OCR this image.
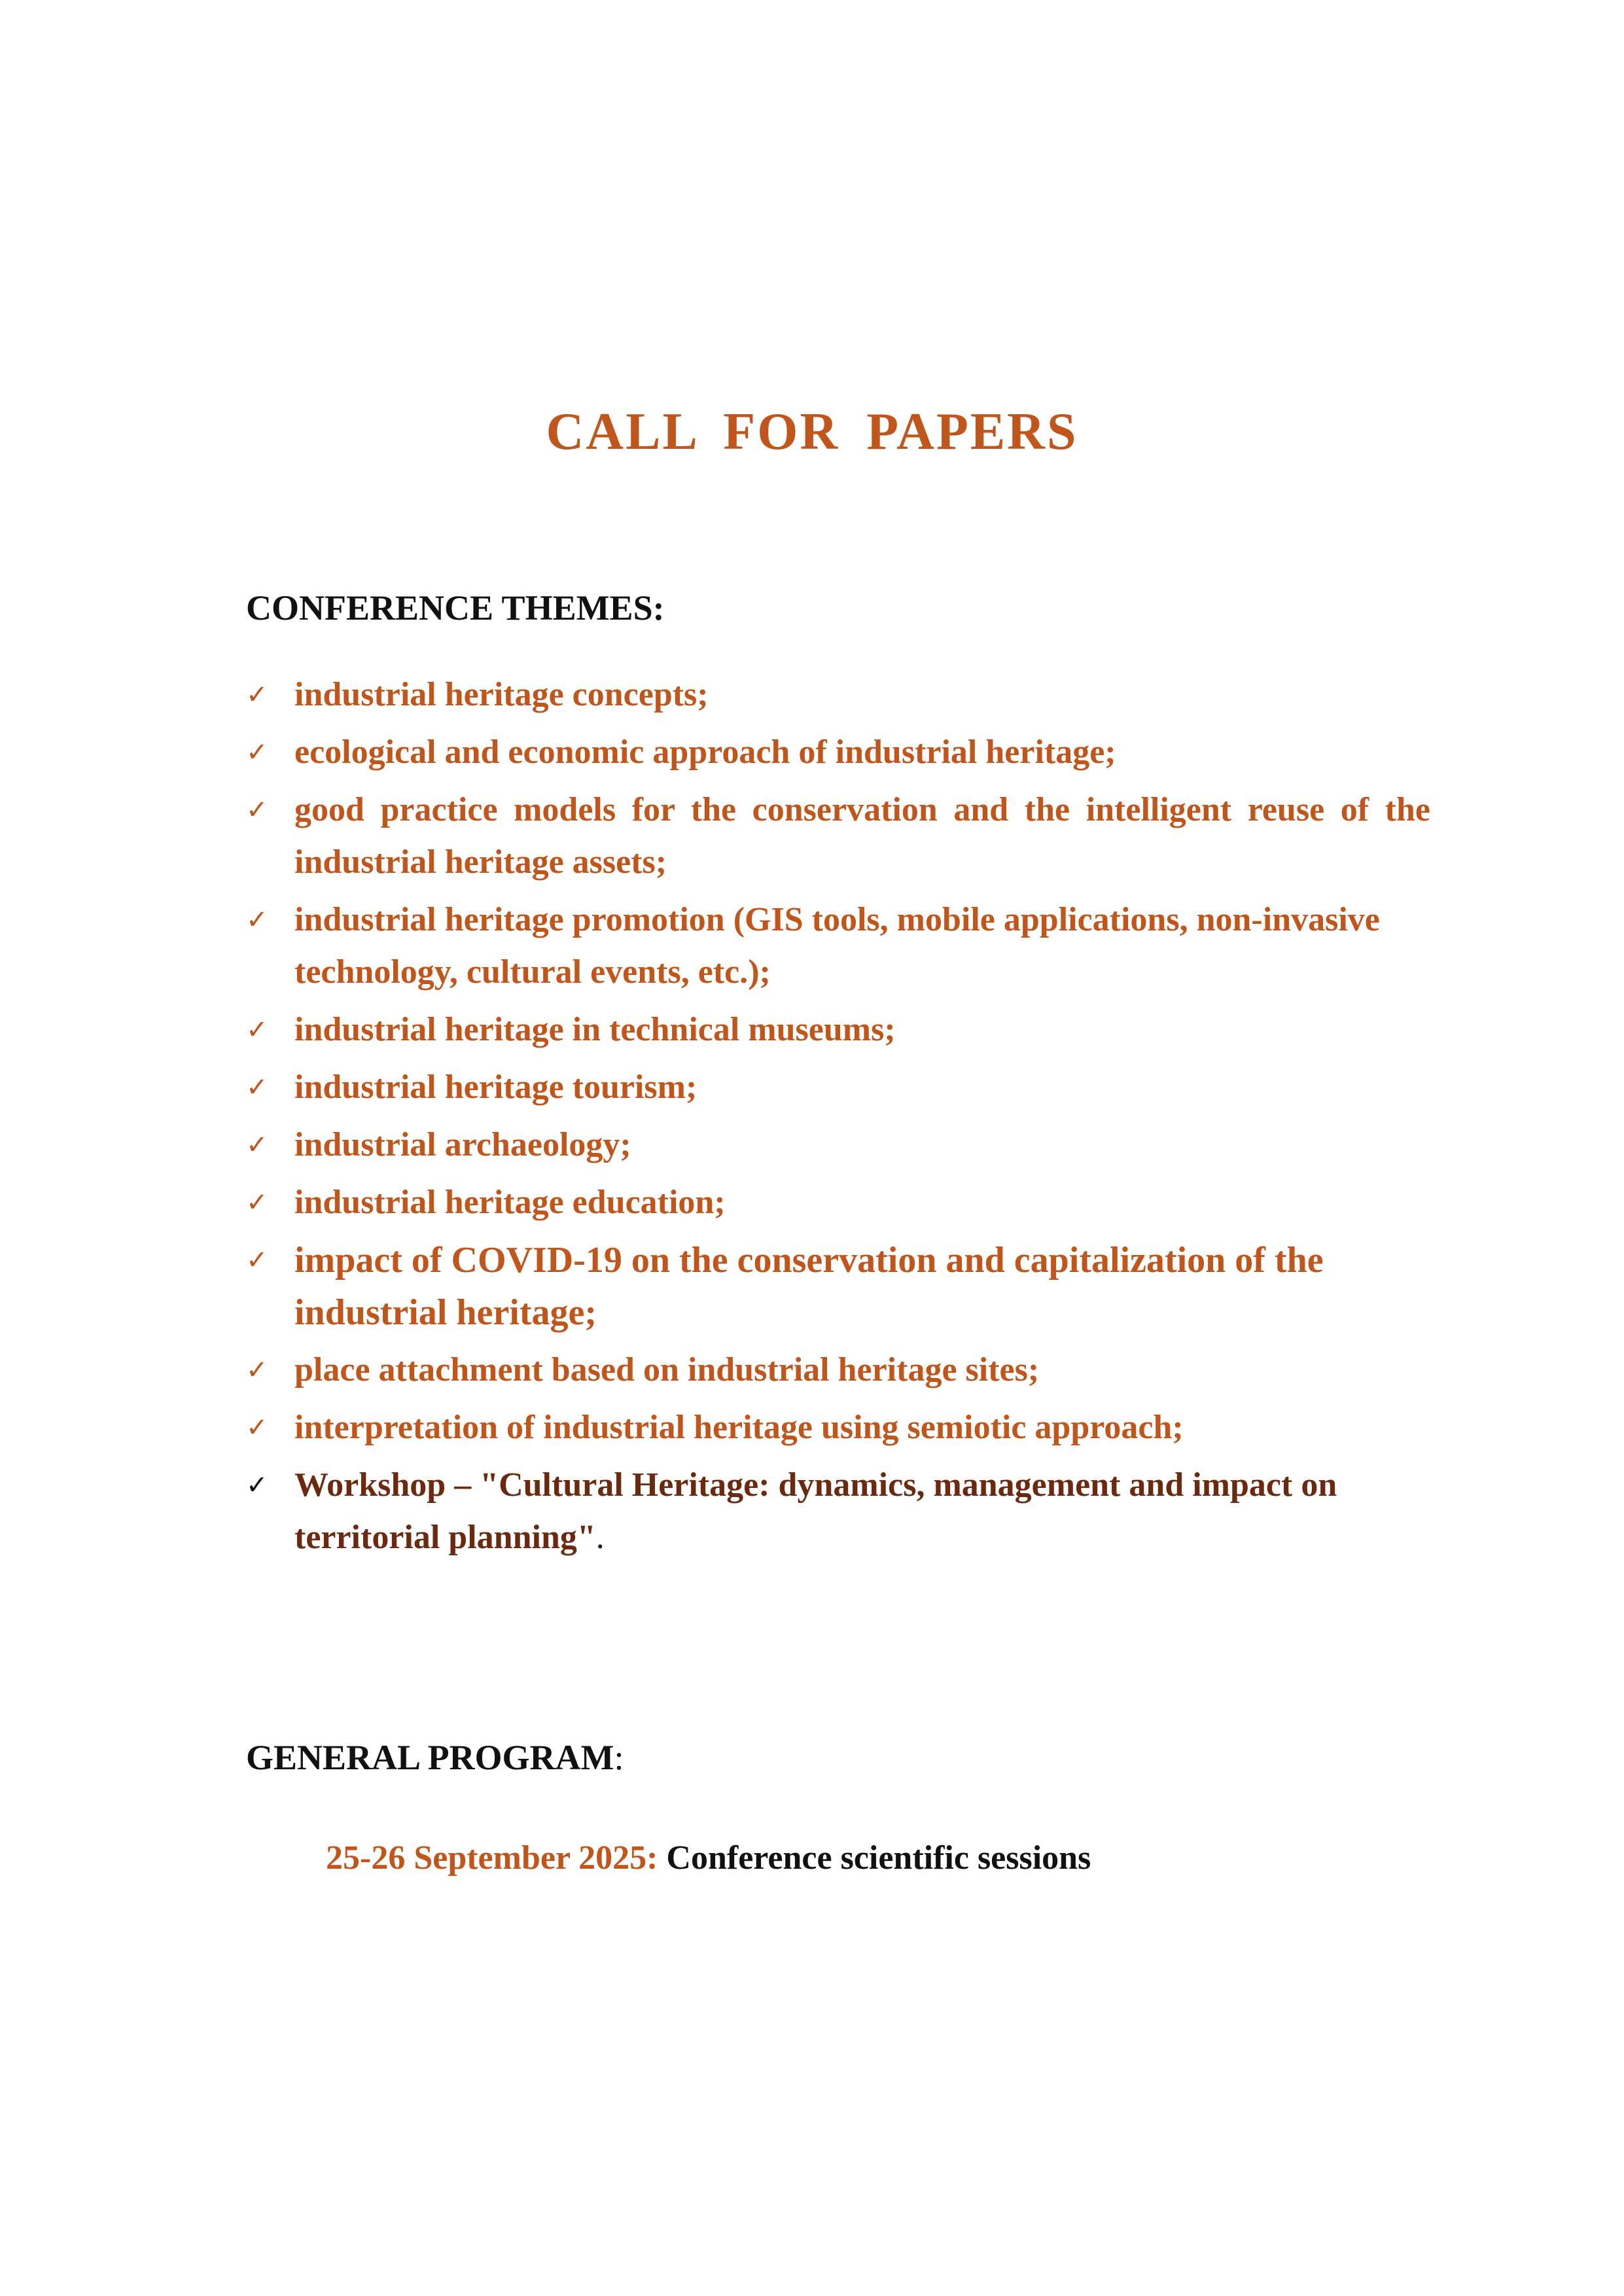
CALL FOR PAPERS
CONFERENCE THEMES:
✓ industrial heritage concepts;
✓ ecological and economic approach of industrial heritage;
✓ good practice models for the conservation and the intelligent reuse of the industrial heritage assets;
✓ industrial heritage promotion (GIS tools, mobile applications, non-invasive technology, cultural events, etc.);
✓ industrial heritage in technical museums;
✓ industrial heritage tourism;
✓ industrial archaeology;
✓ industrial heritage education;
✓ impact of COVID-19 on the conservation and capitalization of the industrial heritage;
✓ place attachment based on industrial heritage sites;
✓ interpretation of industrial heritage using semiotic approach;
✓ Workshop – "Cultural Heritage: dynamics, management and impact on territorial planning".
GENERAL PROGRAM:
25-26 September 2025: Conference scientific sessions
